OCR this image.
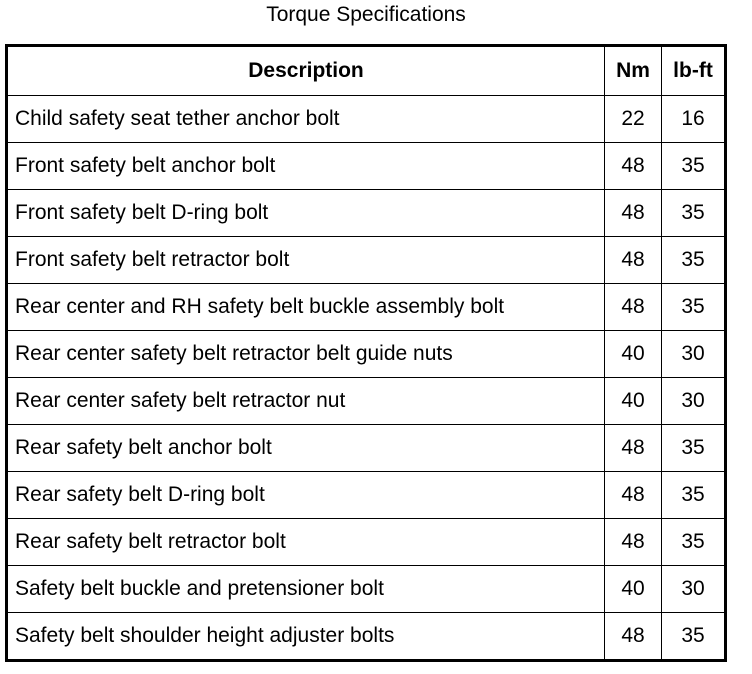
Torque Specifications
Description	Nm	lb-ft
Child safety seat tether anchor bolt	22	16
Front safety belt anchor bolt	48	35
Front safety belt D-ring bolt	48	35
Front safety belt retractor bolt	48	35
Rear center and RH safety belt buckle assembly bolt	48	35
Rear center safety belt retractor belt guide nuts	40	30
Rear center safety belt retractor nut	40	30
Rear safety belt anchor bolt	48	35
Rear safety belt D-ring bolt	48	35
Rear safety belt retractor bolt	48	35
Safety belt buckle and pretensioner bolt	40	30
Safety belt shoulder height adjuster bolts	48	35
